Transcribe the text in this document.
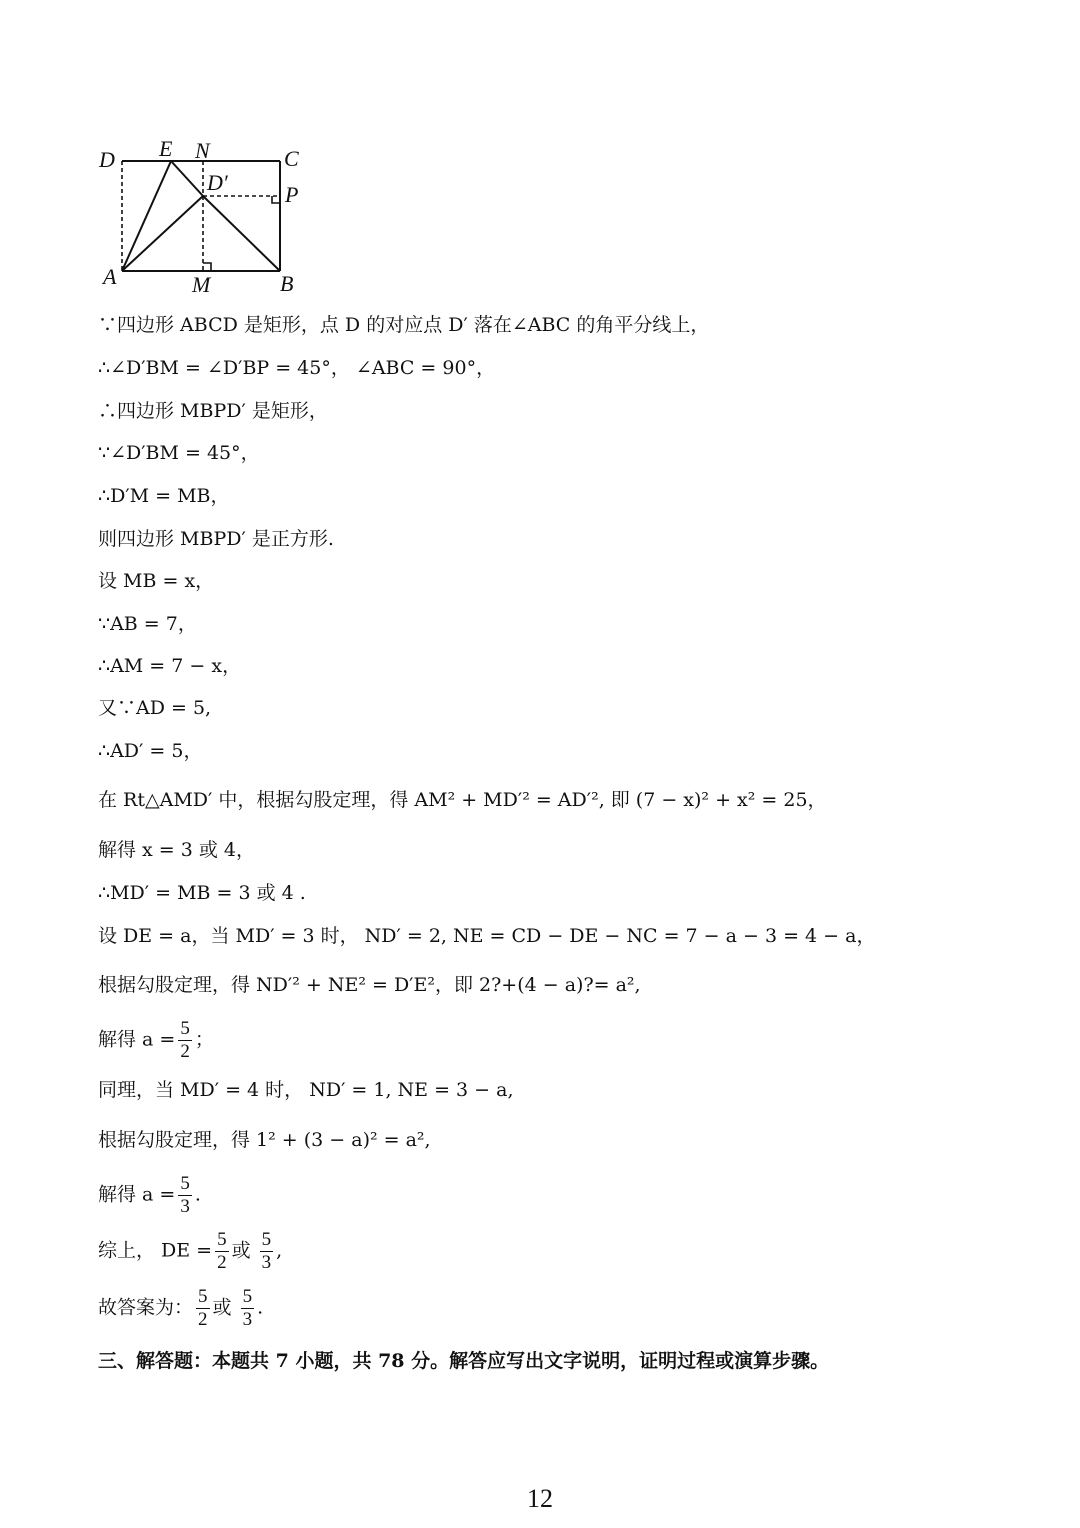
D E N	C
D′	P
A	M	B
∵四边形 ABCD 是矩形，点 D 的对应点 D′ 落在∠ABC 的角平分线上，
∴∠D′BM = ∠D′BP = 45°， ∠ABC = 90°，
∴四边形 MBPD′ 是矩形，
∵∠D′BM = 45°，
∴D′M = MB，
则四边形 MBPD′ 是正方形.
设 MB = x，
∵AB = 7，
∴AM = 7 − x，
又∵AD = 5,
∴AD′ = 5，
在 Rt△AMD′ 中，根据勾股定理，得 AM² + MD′² = AD′², 即 (7 − x)² + x² = 25，
解得 x = 3 或 4，
∴MD′ = MB = 3 或 4 .
设 DE = a，当 MD′ = 3 时， ND′ = 2, NE = CD − DE − NC = 7 − a − 3 = 4 − a，
根据勾股定理，得 ND′² + NE² = D′E²，即 2?+(4 − a)?= a²,
解得 $a = \frac{5}{2}$ ；
同理，当 MD′ = 4 时， ND′ = 1, NE = 3 − a,
根据勾股定理，得 1² + (3 − a)² = a²,
解得 $a = \frac{5}{3}$ .
综上， DE = $\frac{5}{2}$ 或 $\frac{5}{3}$ ,
故答案为： $\frac{5}{2}$ 或 $\frac{5}{3}$ .
三、解答题：本题共 7 小题，共 78 分。解答应写出文字说明，证明过程或演算步骤。
12
